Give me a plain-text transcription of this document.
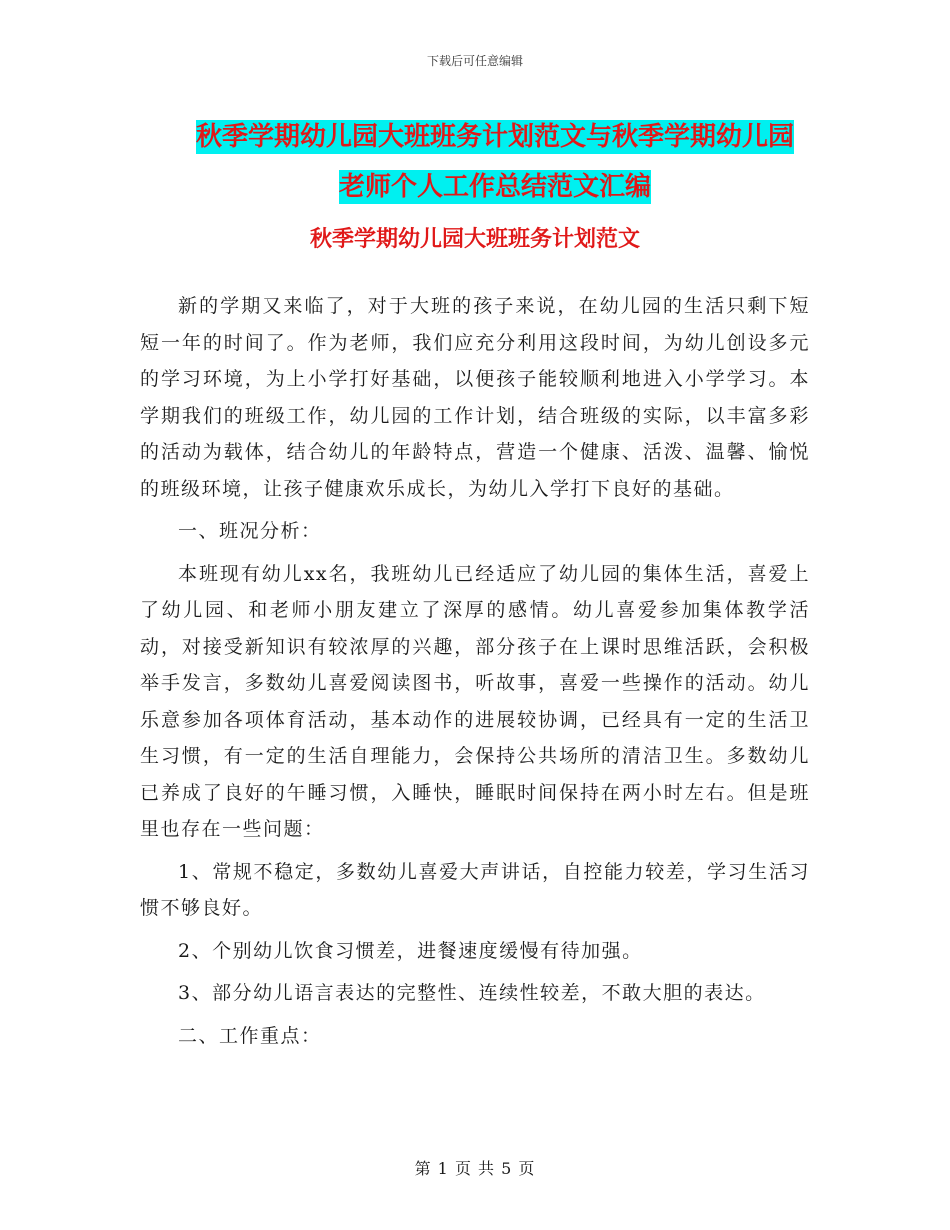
下载后可任意编辑
秋季学期幼儿园大班班务计划范文与秋季学期幼儿园
老师个人工作总结范文汇编
秋季学期幼儿园大班班务计划范文

新的学期又来临了，对于大班的孩子来说，在幼儿园的生活只剩下短短一年的时间了。作为老师，我们应充分利用这段时间，为幼儿创设多元的学习环境，为上小学打好基础，以便孩子能较顺利地进入小学学习。本学期我们的班级工作，幼儿园的工作计划，结合班级的实际，以丰富多彩的活动为载体，结合幼儿的年龄特点，营造一个健康、活泼、温馨、愉悦的班级环境，让孩子健康欢乐成长，为幼儿入学打下良好的基础。

一、班况分析：

本班现有幼儿xx名，我班幼儿已经适应了幼儿园的集体生活，喜爱上了幼儿园、和老师小朋友建立了深厚的感情。幼儿喜爱参加集体教学活动，对接受新知识有较浓厚的兴趣，部分孩子在上课时思维活跃，会积极举手发言，多数幼儿喜爱阅读图书，听故事，喜爱一些操作的活动。幼儿乐意参加各项体育活动，基本动作的进展较协调，已经具有一定的生活卫生习惯，有一定的生活自理能力，会保持公共场所的清洁卫生。多数幼儿已养成了良好的午睡习惯，入睡快，睡眠时间保持在两小时左右。但是班里也存在一些问题：

1、常规不稳定，多数幼儿喜爱大声讲话，自控能力较差，学习生活习惯不够良好。

2、个别幼儿饮食习惯差，进餐速度缓慢有待加强。

3、部分幼儿语言表达的完整性、连续性较差，不敢大胆的表达。

二、工作重点：

第 1 页 共 5 页
